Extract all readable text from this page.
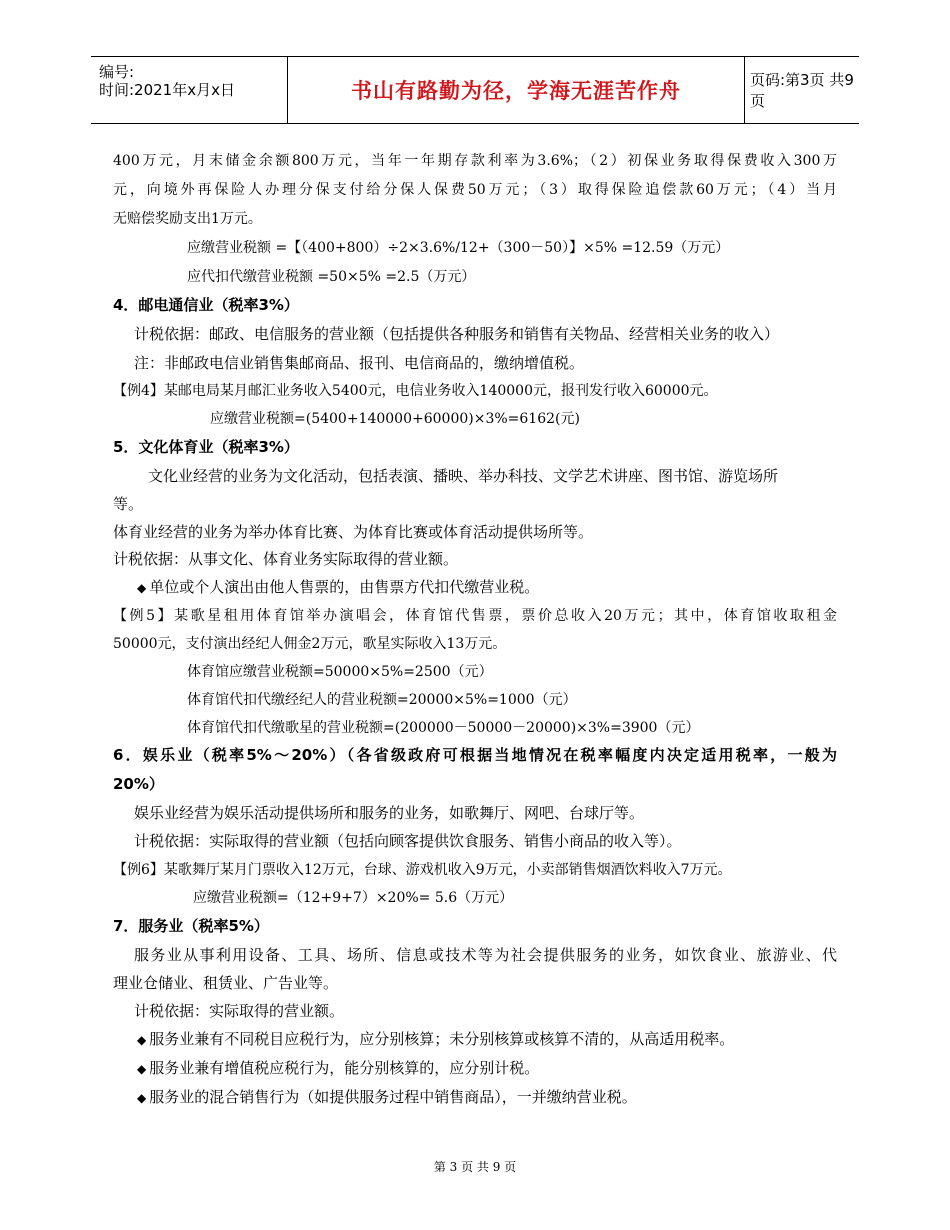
编号:
时间:2021年x月x日	书山有路勤为径，学海无涯苦作舟	页码:第3页 共9页
400万元，月末储金余额800万元，当年一年期存款利率为3.6%；（2）初保业务取得保费收入300万
元，向境外再保险人办理分保支付给分保人保费50万元；（3）取得保险追偿款60万元；（4）当月
无赔偿奖励支出1万元。
应缴营业税额 =【（400+800）÷2×3.6%/12+（300－50）】×5% =12.59（万元）
应代扣代缴营业税额 =50×5% =2.5（万元）
4．邮电通信业（税率3%）
计税依据：邮政、电信服务的营业额（包括提供各种服务和销售有关物品、经营相关业务的收入）
注：非邮政电信业销售集邮商品、报刊、电信商品的，缴纳增值税。
【例4】某邮电局某月邮汇业务收入5400元，电信业务收入140000元，报刊发行收入60000元。
应缴营业税额=(5400+140000+60000)×3%=6162(元)
5．文化体育业（税率3%）
文化业经营的业务为文化活动，包括表演、播映、举办科技、文学艺术讲座、图书馆、游览场所
等。
体育业经营的业务为举办体育比赛、为体育比赛或体育活动提供场所等。
计税依据：从事文化、体育业务实际取得的营业额。
◆ 单位或个人演出由他人售票的，由售票方代扣代缴营业税。
【例5】某歌星租用体育馆举办演唱会，体育馆代售票，票价总收入20万元；其中，体育馆收取租金
50000元，支付演出经纪人佣金2万元，歌星实际收入13万元。
体育馆应缴营业税额=50000×5%=2500（元）
体育馆代扣代缴经纪人的营业税额=20000×5%=1000（元）
体育馆代扣代缴歌星的营业税额=(200000－50000－20000)×3%=3900（元）
6．娱乐业（税率5%～20%）（各省级政府可根据当地情况在税率幅度内决定适用税率，一般为
20%）
娱乐业经营为娱乐活动提供场所和服务的业务，如歌舞厅、网吧、台球厅等。
计税依据：实际取得的营业额（包括向顾客提供饮食服务、销售小商品的收入等）。
【例6】某歌舞厅某月门票收入12万元，台球、游戏机收入9万元，小卖部销售烟酒饮料收入7万元。
应缴营业税额=（12+9+7）×20%= 5.6（万元）
7．服务业（税率5%）
服务业从事利用设备、工具、场所、信息或技术等为社会提供服务的业务，如饮食业、旅游业、代
理业仓储业、租赁业、广告业等。
计税依据：实际取得的营业额。
◆ 服务业兼有不同税目应税行为，应分别核算；未分别核算或核算不清的，从高适用税率。
◆ 服务业兼有增值税应税行为，能分别核算的，应分别计税。
◆ 服务业的混合销售行为（如提供服务过程中销售商品），一并缴纳营业税。
第 3 页 共 9 页
